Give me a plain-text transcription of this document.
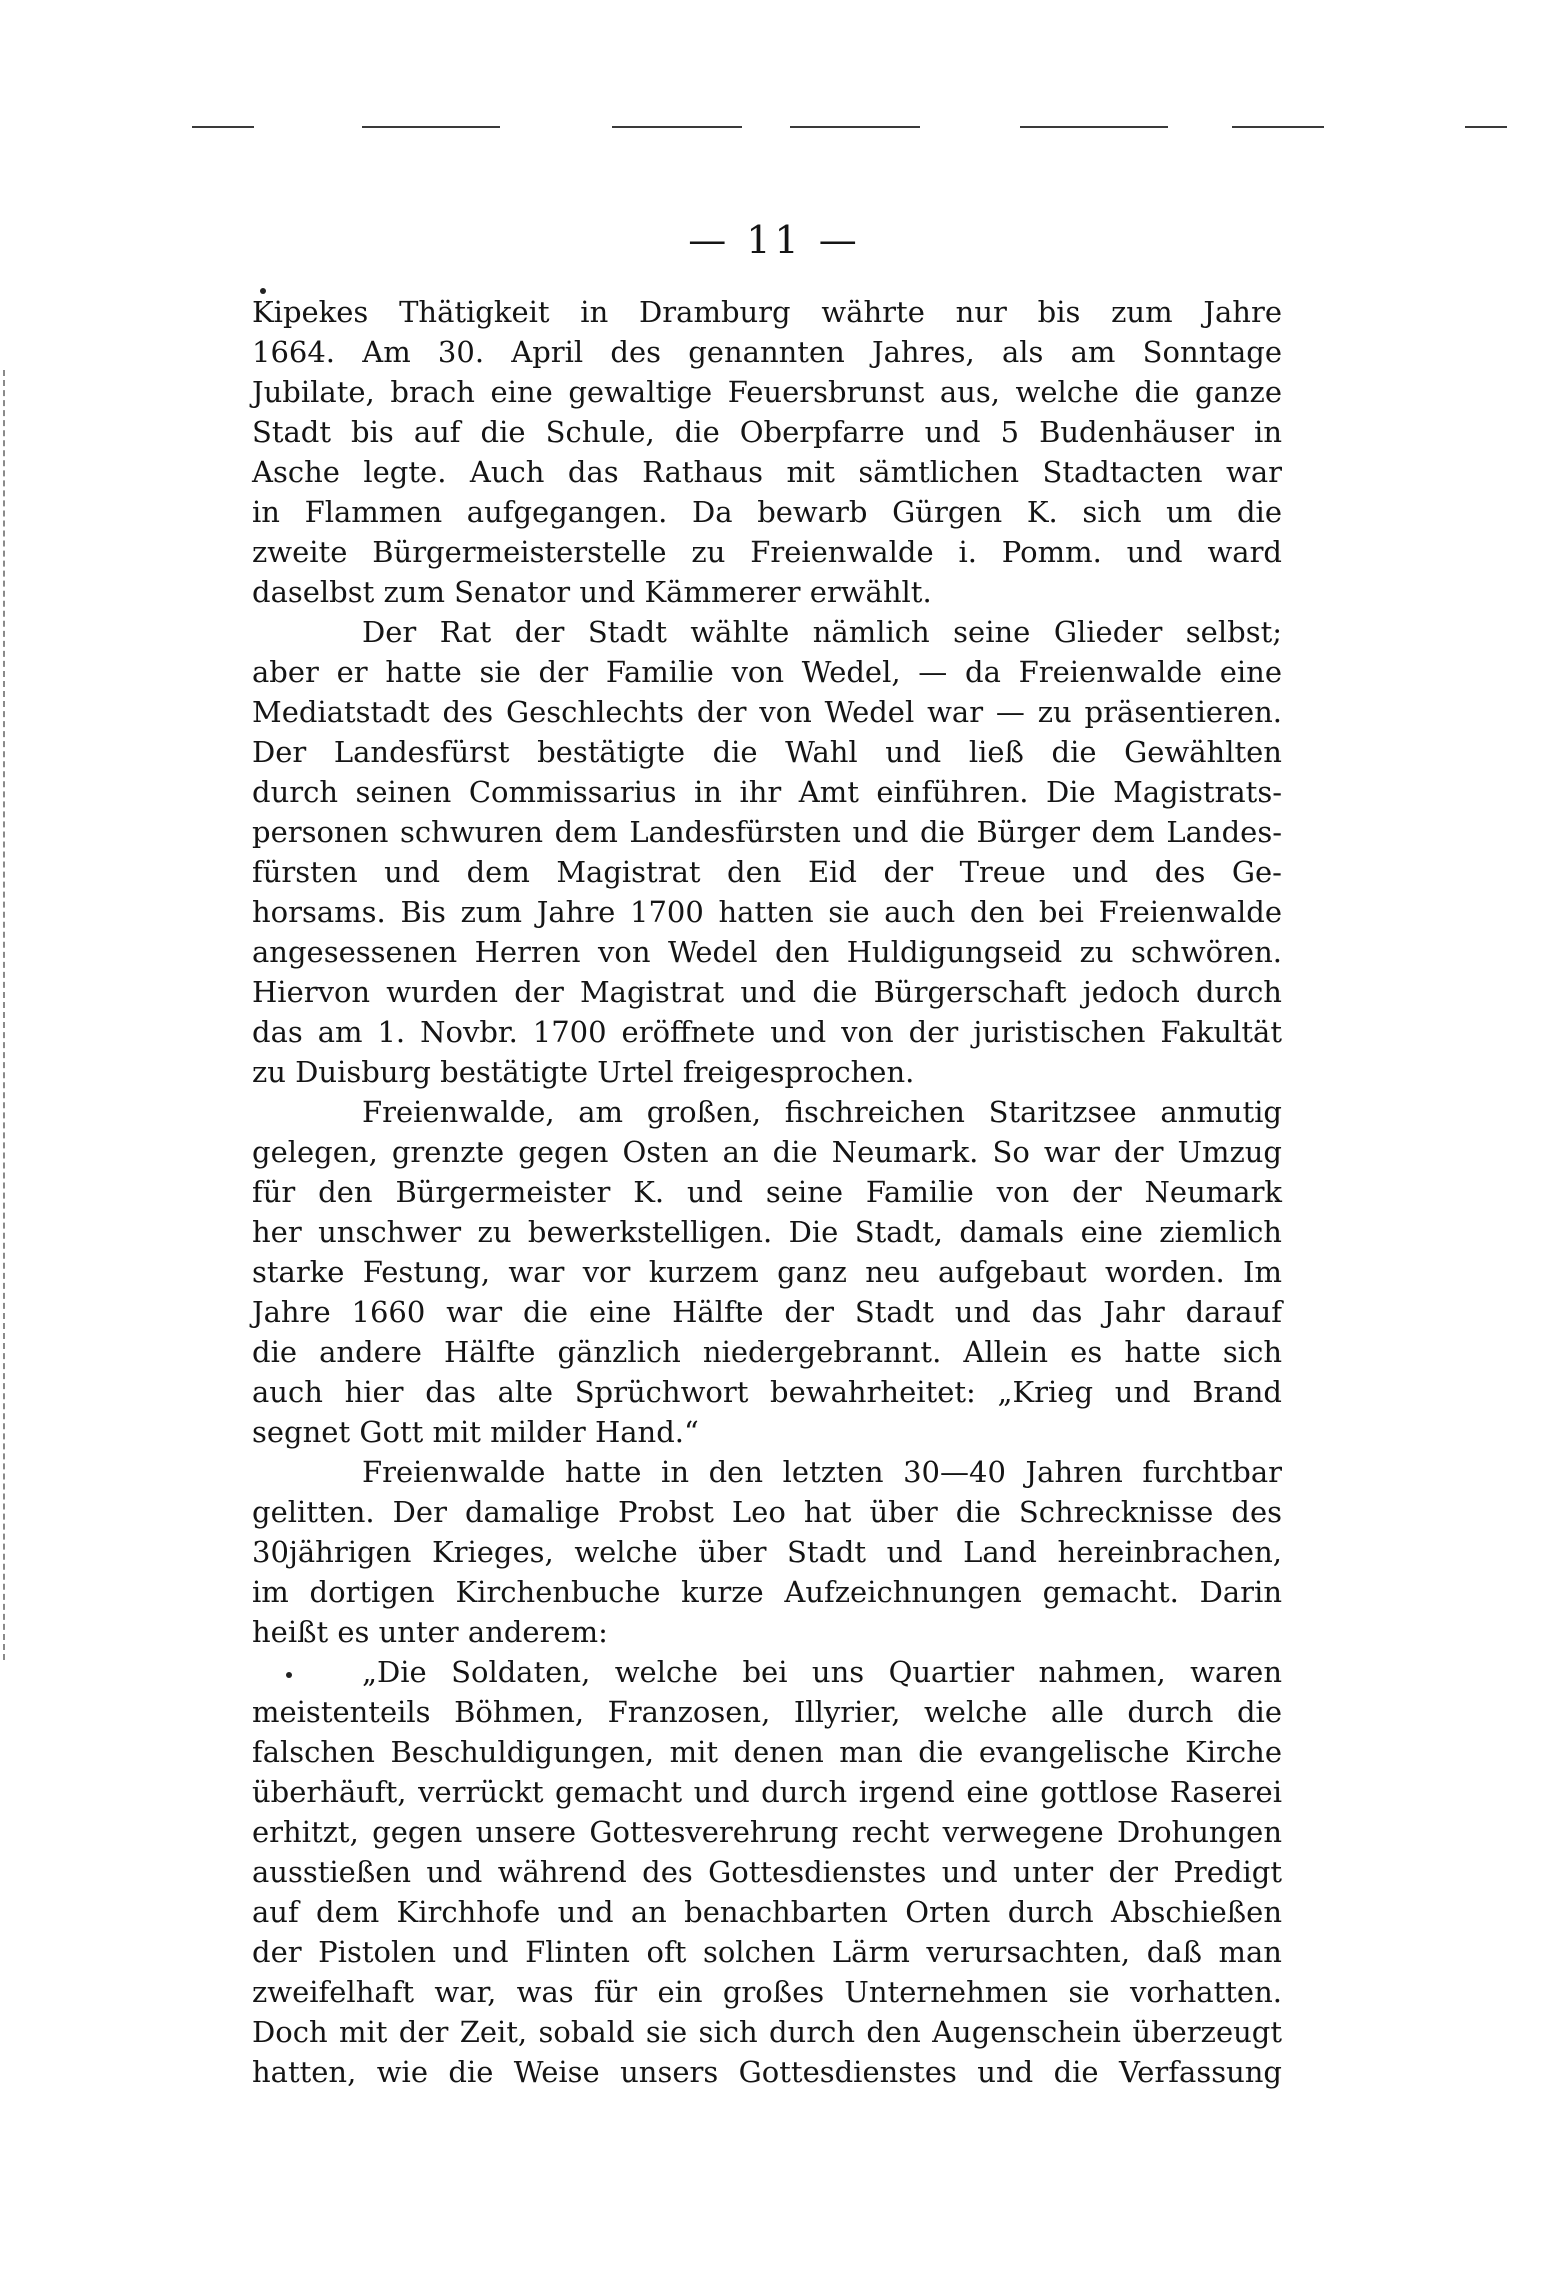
— 11 —
Kipekes Thätigkeit in Dramburg währte nur bis zum Jahre
1664. Am 30. April des genannten Jahres, als am Sonntage
Jubilate, brach eine gewaltige Feuersbrunst aus, welche die ganze
Stadt bis auf die Schule, die Oberpfarre und 5 Budenhäuser in
Asche legte. Auch das Rathaus mit sämtlichen Stadtacten war
in Flammen aufgegangen. Da bewarb Gürgen K. sich um die
zweite Bürgermeisterstelle zu Freienwalde i. Pomm. und ward
daselbst zum Senator und Kämmerer erwählt.
Der Rat der Stadt wählte nämlich seine Glieder selbst;
aber er hatte sie der Familie von Wedel, — da Freienwalde eine
Mediatstadt des Geschlechts der von Wedel war — zu präsentieren.
Der Landesfürst bestätigte die Wahl und ließ die Gewählten
durch seinen Commissarius in ihr Amt einführen. Die Magistrats-
personen schwuren dem Landesfürsten und die Bürger dem Landes-
fürsten und dem Magistrat den Eid der Treue und des Ge-
horsams. Bis zum Jahre 1700 hatten sie auch den bei Freienwalde
angesessenen Herren von Wedel den Huldigungseid zu schwören.
Hiervon wurden der Magistrat und die Bürgerschaft jedoch durch
das am 1. Novbr. 1700 eröffnete und von der juristischen Fakultät
zu Duisburg bestätigte Urtel freigesprochen.
Freienwalde, am großen, fischreichen Staritzsee anmutig
gelegen, grenzte gegen Osten an die Neumark. So war der Umzug
für den Bürgermeister K. und seine Familie von der Neumark
her unschwer zu bewerkstelligen. Die Stadt, damals eine ziemlich
starke Festung, war vor kurzem ganz neu aufgebaut worden. Im
Jahre 1660 war die eine Hälfte der Stadt und das Jahr darauf
die andere Hälfte gänzlich niedergebrannt. Allein es hatte sich
auch hier das alte Sprüchwort bewahrheitet: „Krieg und Brand
segnet Gott mit milder Hand.“
Freienwalde hatte in den letzten 30—40 Jahren furchtbar
gelitten. Der damalige Probst Leo hat über die Schrecknisse des
30jährigen Krieges, welche über Stadt und Land hereinbrachen,
im dortigen Kirchenbuche kurze Aufzeichnungen gemacht. Darin
heißt es unter anderem:
„Die Soldaten, welche bei uns Quartier nahmen, waren
meistenteils Böhmen, Franzosen, Illyrier, welche alle durch die
falschen Beschuldigungen, mit denen man die evangelische Kirche
überhäuft, verrückt gemacht und durch irgend eine gottlose Raserei
erhitzt, gegen unsere Gottesverehrung recht verwegene Drohungen
ausstießen und während des Gottesdienstes und unter der Predigt
auf dem Kirchhofe und an benachbarten Orten durch Abschießen
der Pistolen und Flinten oft solchen Lärm verursachten, daß man
zweifelhaft war, was für ein großes Unternehmen sie vorhatten.
Doch mit der Zeit, sobald sie sich durch den Augenschein überzeugt
hatten, wie die Weise unsers Gottesdienstes und die Verfassung
